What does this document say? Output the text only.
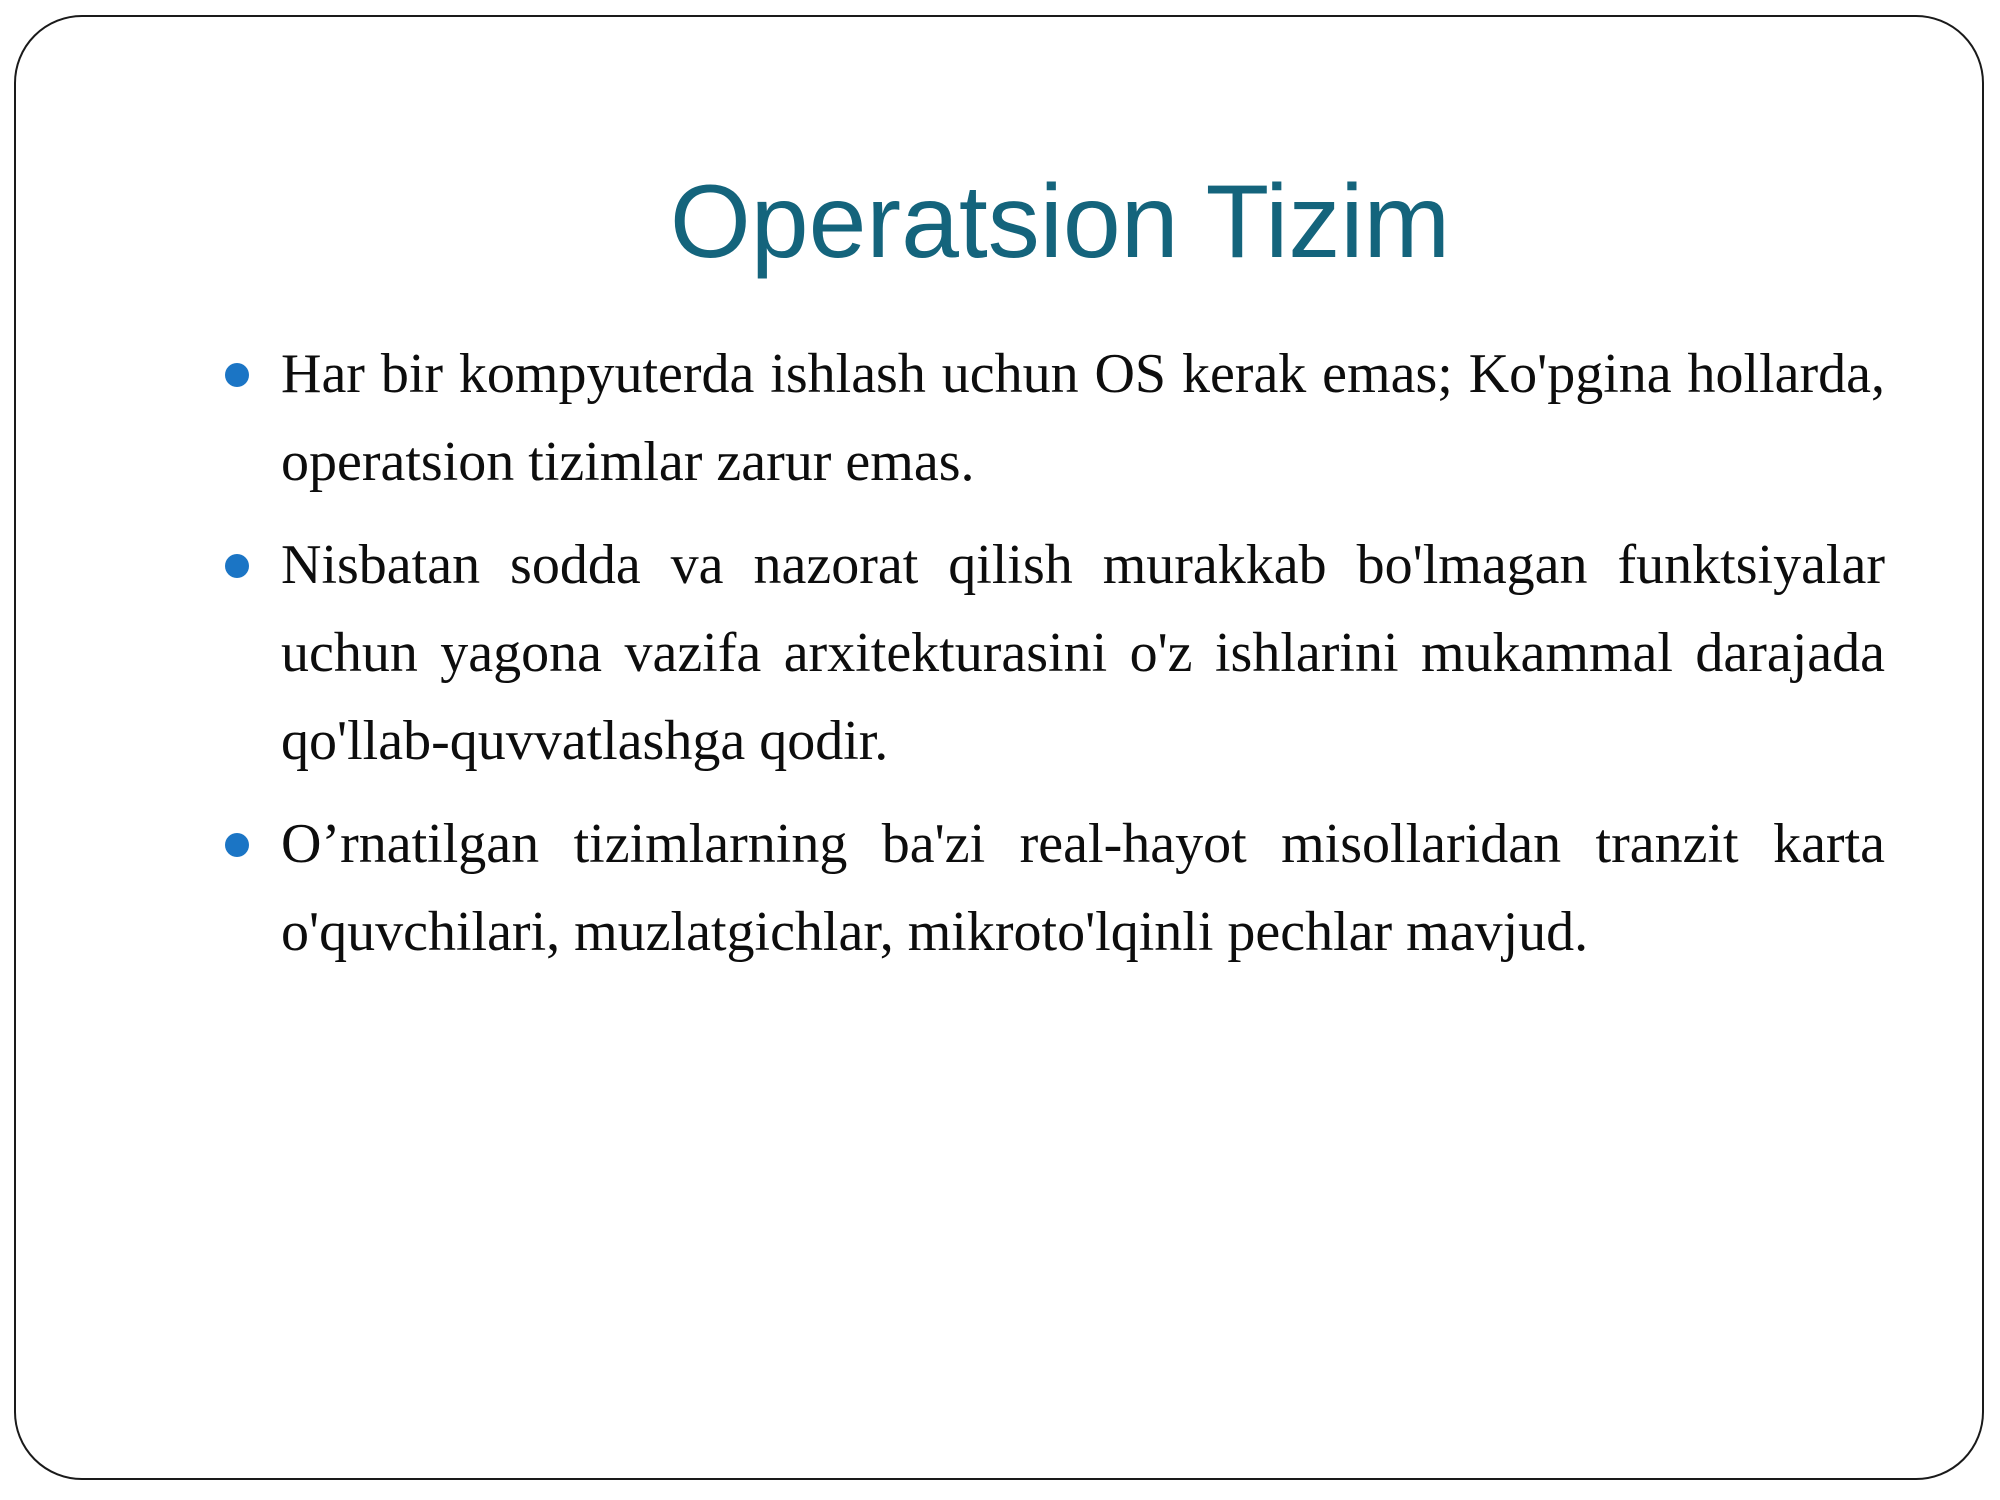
Operatsion Tizim
Har bir kompyuterda ishlash uchun OS kerak emas; Ko'pgina hollarda, operatsion tizimlar zarur emas.
Nisbatan sodda va nazorat qilish murakkab bo'lmagan funktsiyalar uchun yagona vazifa arxitekturasini o'z ishlarini mukammal darajada qo'llab-quvvatlashga qodir.
O’rnatilgan tizimlarning ba'zi real-hayot misollaridan tranzit karta o'quvchilari, muzlatgichlar, mikroto'lqinli pechlar mavjud.
